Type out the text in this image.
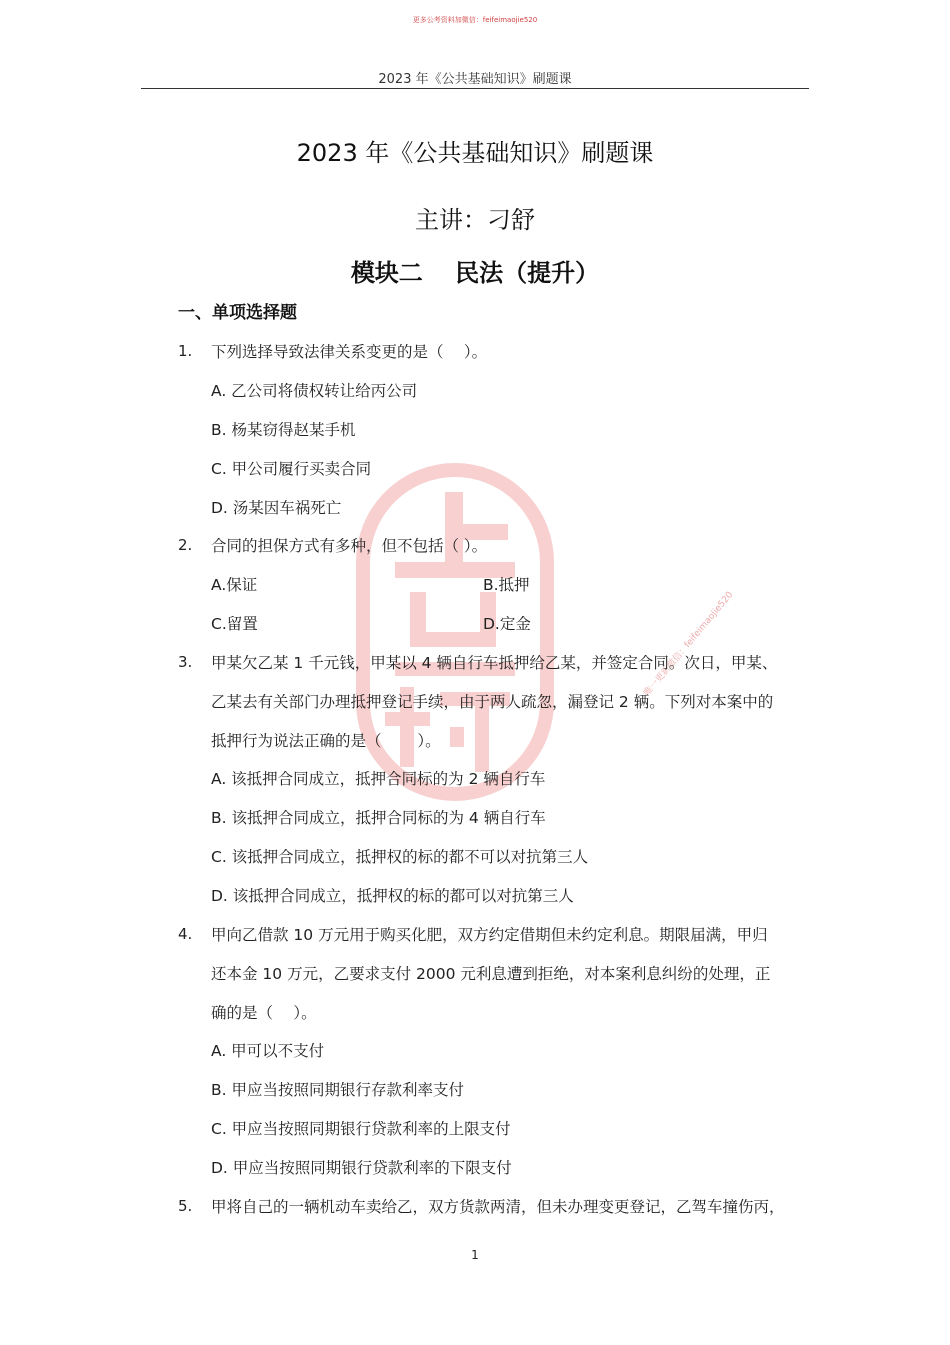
更多公考资料加微信：feifeimaojie520
2023 年《公共基础知识》刷题课
上岸村
唯一更新微信：feifeimaojie520
2023 年《公共基础知识》刷题课
主讲：刁舒
模块二　 民法（提升）
一、单项选择题
1. 下列选择导致法律关系变更的是（　 ）。
A. 乙公司将债权转让给丙公司
B. 杨某窃得赵某手机
C. 甲公司履行买卖合同
D. 汤某因车祸死亡
2. 合同的担保方式有多种，但不包括（ ）。
A.保证	B.抵押
C.留置	D.定金
3. 甲某欠乙某 1 千元钱，甲某以 4 辆自行车抵押给乙某，并签定合同。次日，甲某、
乙某去有关部门办理抵押登记手续，由于两人疏忽，漏登记 2 辆。下列对本案中的
抵押行为说法正确的是（　　 ）。
A. 该抵押合同成立，抵押合同标的为 2 辆自行车
B. 该抵押合同成立，抵押合同标的为 4 辆自行车
C. 该抵押合同成立，抵押权的标的都不可以对抗第三人
D. 该抵押合同成立，抵押权的标的都可以对抗第三人
4. 甲向乙借款 10 万元用于购买化肥，双方约定借期但未约定利息。期限届满，甲归
还本金 10 万元，乙要求支付 2000 元利息遭到拒绝，对本案利息纠纷的处理，正
确的是（　 ）。
A. 甲可以不支付
B. 甲应当按照同期银行存款利率支付
C. 甲应当按照同期银行贷款利率的上限支付
D. 甲应当按照同期银行贷款利率的下限支付
5. 甲将自己的一辆机动车卖给乙，双方货款两清，但未办理变更登记，乙驾车撞伤丙，
1
